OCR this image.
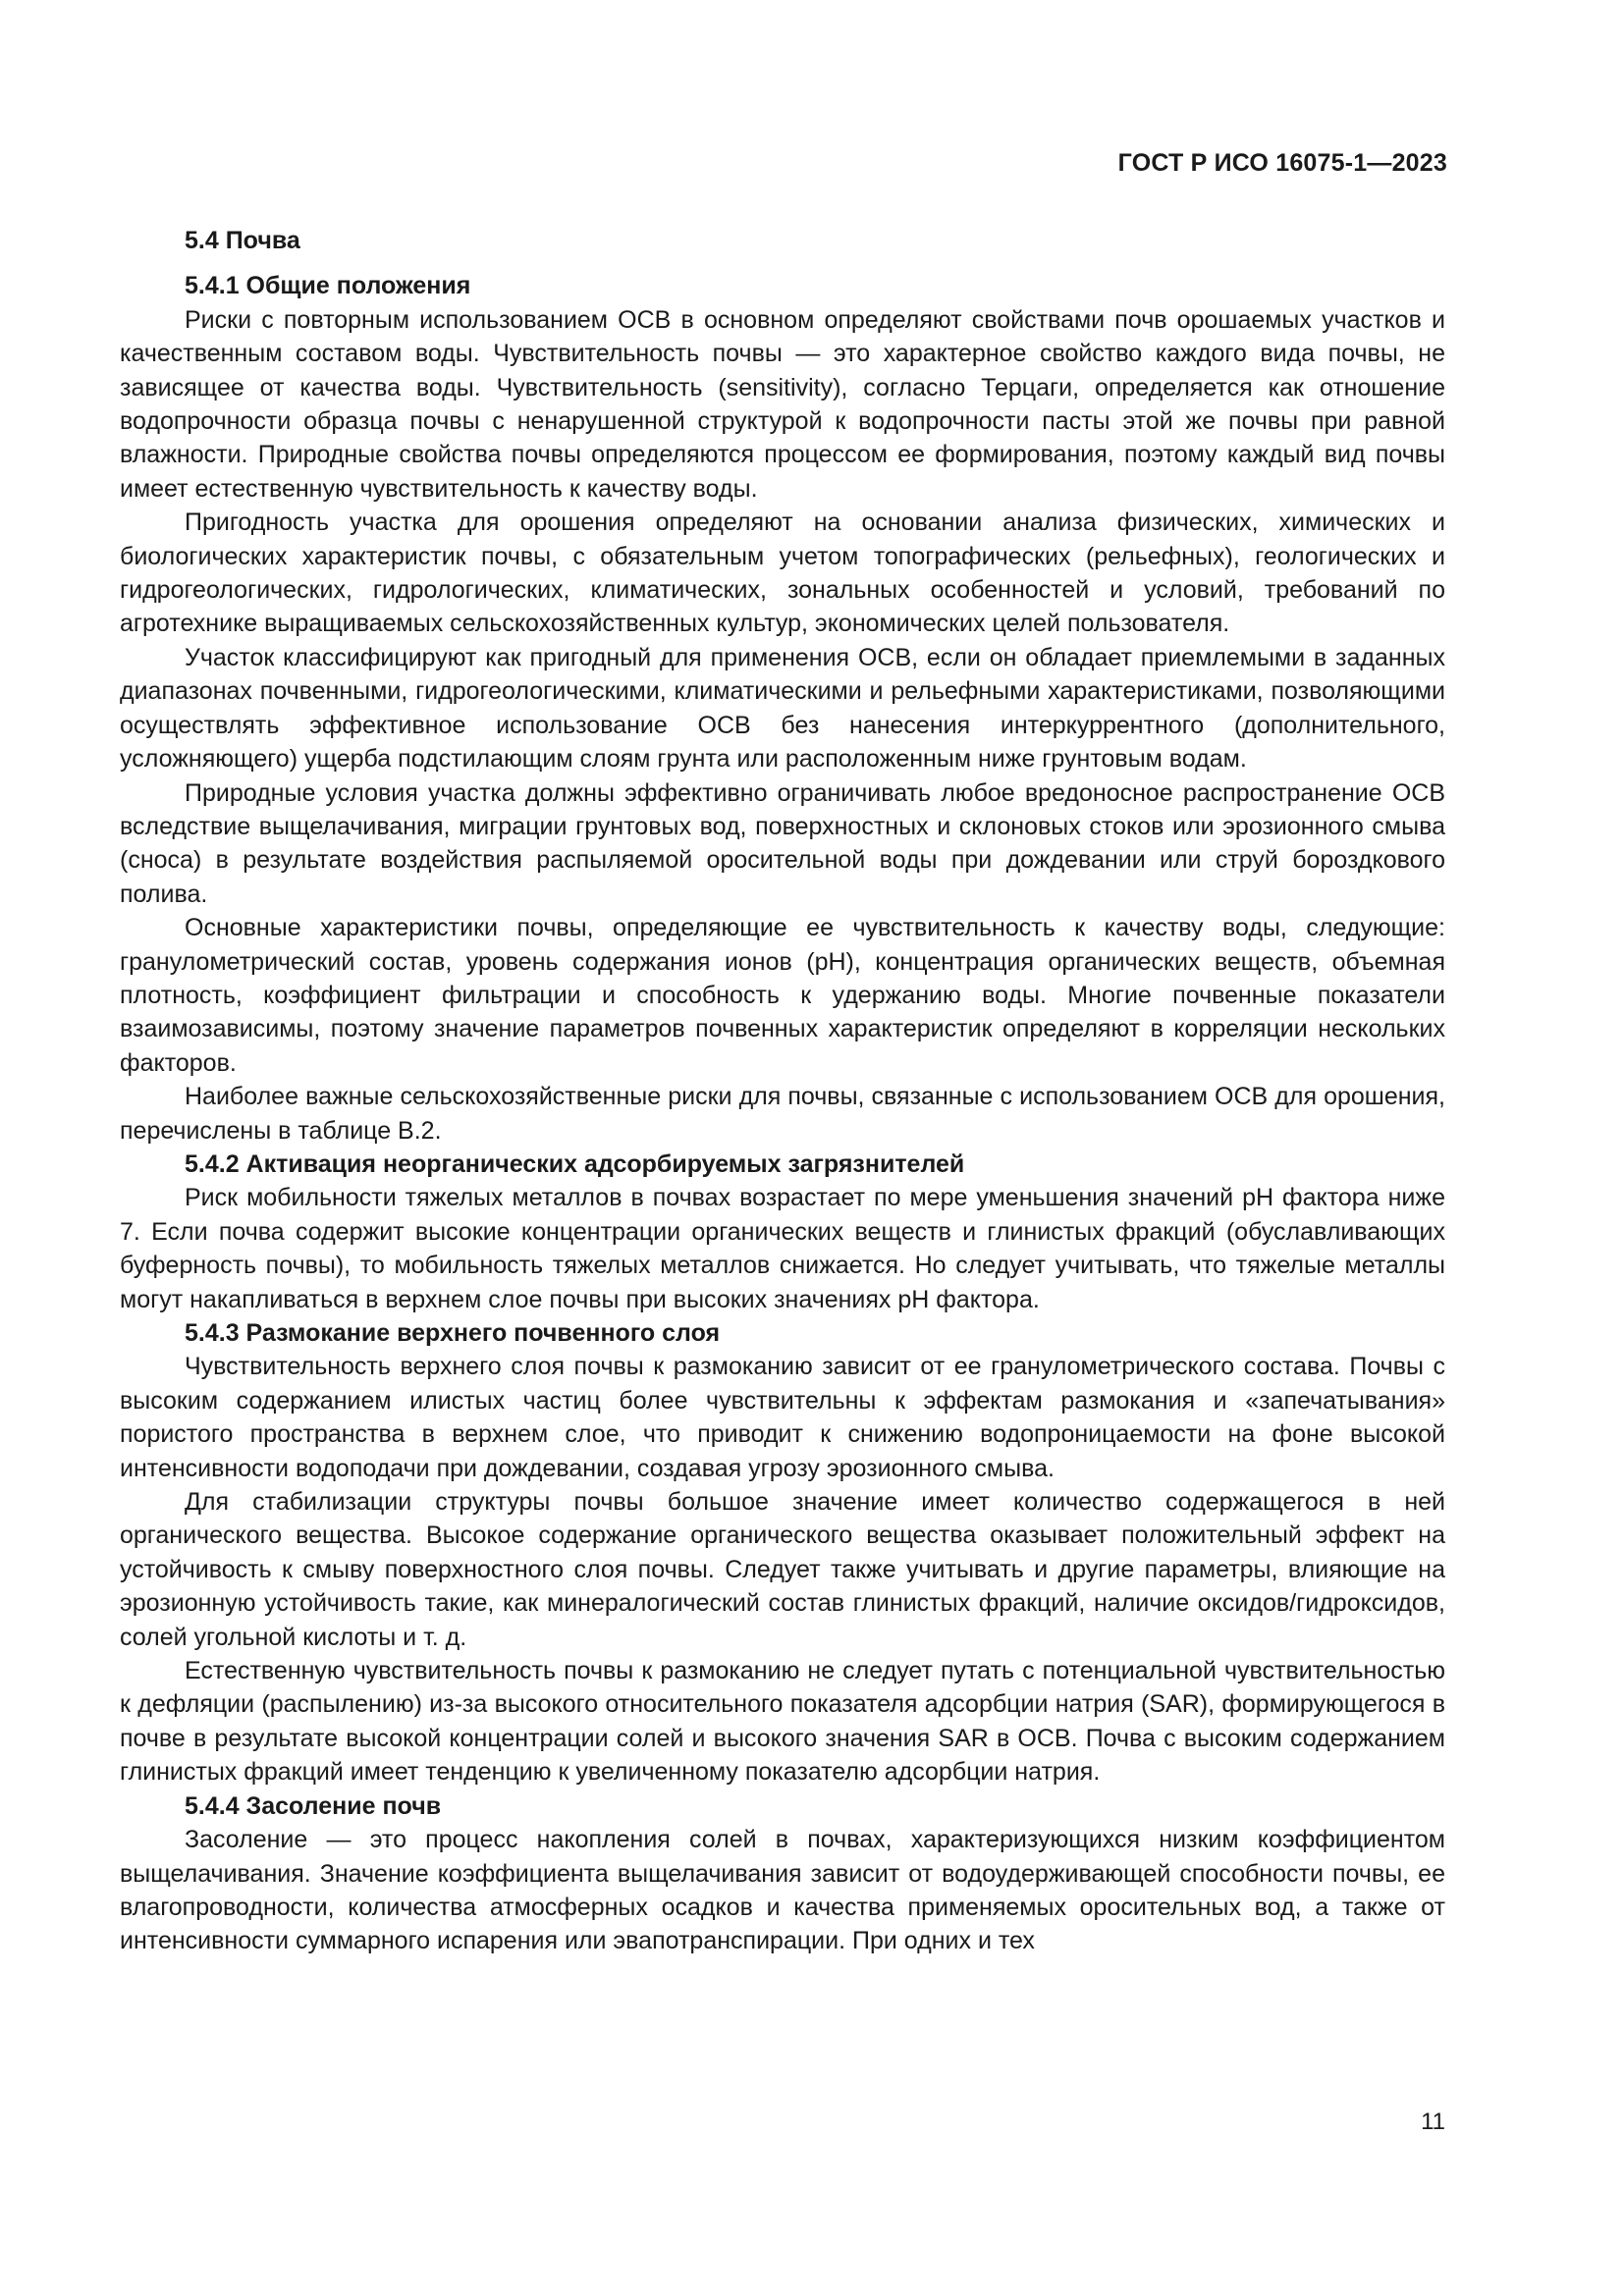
ГОСТ Р ИСО 16075-1—2023
5.4 Почва
5.4.1 Общие положения

Риски с повторным использованием ОСВ в основном определяют свойствами почв орошаемых участков и качественным составом воды. Чувствительность почвы — это характерное свойство каждого вида почвы, не зависящее от качества воды. Чувствительность (sensitivity), согласно Терцаги, определяется как отношение водопрочности образца почвы с ненарушенной структурой к водопрочности пасты этой же почвы при равной влажности. Природные свойства почвы определяются процессом ее формирования, поэтому каждый вид почвы имеет естественную чувствительность к качеству воды.

Пригодность участка для орошения определяют на основании анализа физических, химических и биологических характеристик почвы, с обязательным учетом топографических (рельефных), геологических и гидрогеологических, гидрологических, климатических, зональных особенностей и условий, требований по агротехнике выращиваемых сельскохозяйственных культур, экономических целей пользователя.

Участок классифицируют как пригодный для применения ОСВ, если он обладает приемлемыми в заданных диапазонах почвенными, гидрогеологическими, климатическими и рельефными характеристиками, позволяющими осуществлять эффективное использование ОСВ без нанесения интеркуррентного (дополнительного, усложняющего) ущерба подстилающим слоям грунта или расположенным ниже грунтовым водам.

Природные условия участка должны эффективно ограничивать любое вредоносное распространение ОСВ вследствие выщелачивания, миграции грунтовых вод, поверхностных и склоновых стоков или эрозионного смыва (сноса) в результате воздействия распыляемой оросительной воды при дождевании или струй бороздкового полива.

Основные характеристики почвы, определяющие ее чувствительность к качеству воды, следующие: гранулометрический состав, уровень содержания ионов (pH), концентрация органических веществ, объемная плотность, коэффициент фильтрации и способность к удержанию воды. Многие почвенные показатели взаимозависимы, поэтому значение параметров почвенных характеристик определяют в корреляции нескольких факторов.

Наиболее важные сельскохозяйственные риски для почвы, связанные с использованием ОСВ для орошения, перечислены в таблице В.2.

5.4.2 Активация неорганических адсорбируемых загрязнителей

Риск мобильности тяжелых металлов в почвах возрастает по мере уменьшения значений pH фактора ниже 7. Если почва содержит высокие концентрации органических веществ и глинистых фракций (обуславливающих буферность почвы), то мобильность тяжелых металлов снижается. Но следует учитывать, что тяжелые металлы могут накапливаться в верхнем слое почвы при высоких значениях pH фактора.

5.4.3 Размокание верхнего почвенного слоя

Чувствительность верхнего слоя почвы к размоканию зависит от ее гранулометрического состава. Почвы с высоким содержанием илистых частиц более чувствительны к эффектам размокания и «запечатывания» пористого пространства в верхнем слое, что приводит к снижению водопроницаемости на фоне высокой интенсивности водоподачи при дождевании, создавая угрозу эрозионного смыва.

Для стабилизации структуры почвы большое значение имеет количество содержащегося в ней органического вещества. Высокое содержание органического вещества оказывает положительный эффект на устойчивость к смыву поверхностного слоя почвы. Следует также учитывать и другие параметры, влияющие на эрозионную устойчивость такие, как минералогический состав глинистых фракций, наличие оксидов/гидроксидов, солей угольной кислоты и т. д.

Естественную чувствительность почвы к размоканию не следует путать с потенциальной чувствительностью к дефляции (распылению) из-за высокого относительного показателя адсорбции натрия (SAR), формирующегося в почве в результате высокой концентрации солей и высокого значения SAR в ОСВ. Почва с высоким содержанием глинистых фракций имеет тенденцию к увеличенному показателю адсорбции натрия.

5.4.4 Засоление почв

Засоление — это процесс накопления солей в почвах, характеризующихся низким коэффициентом выщелачивания. Значение коэффициента выщелачивания зависит от водоудерживающей способности почвы, ее влагопроводности, количества атмосферных осадков и качества применяемых оросительных вод, а также от интенсивности суммарного испарения или эвапотранспирации. При одних и тех

11
